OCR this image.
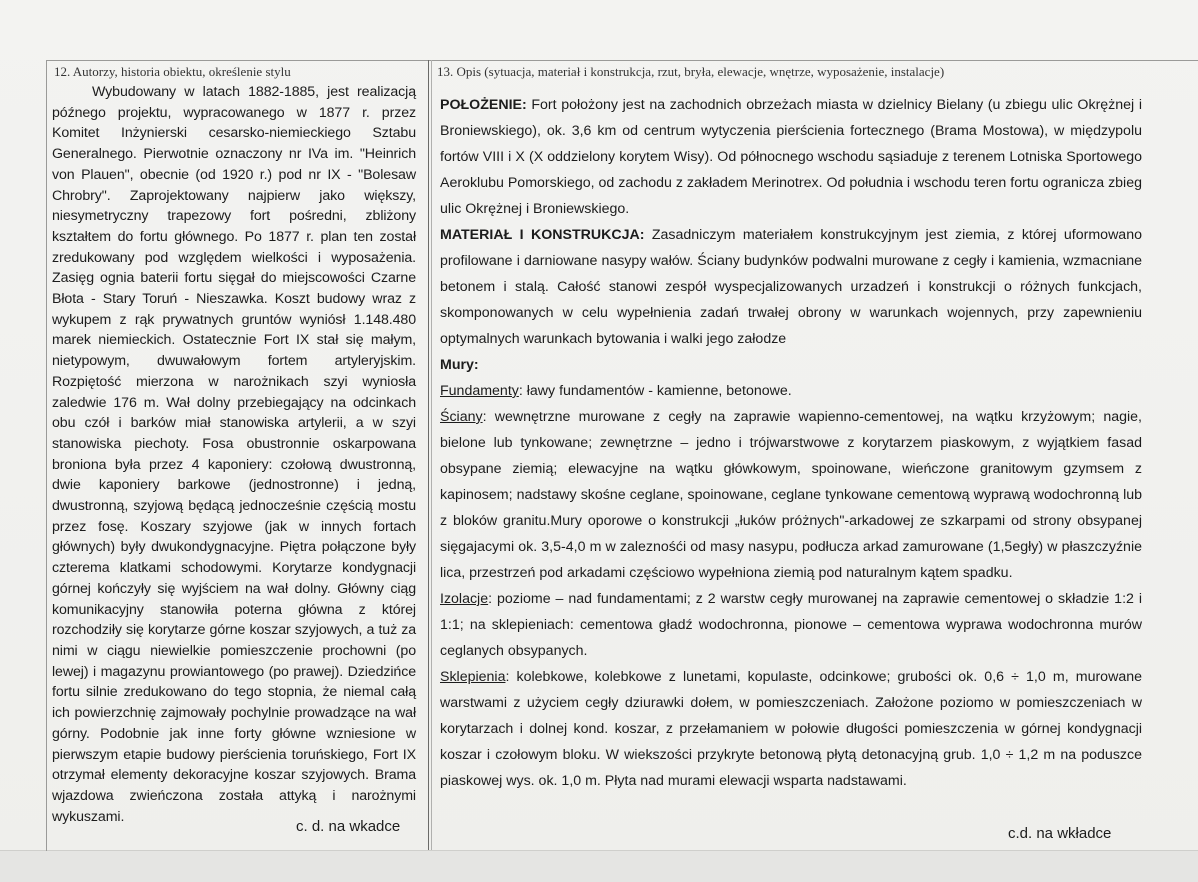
12. Autorzy, historia obiektu, określenie stylu
Wybudowany w latach 1882-1885, jest realizacją późnego projektu, wypracowanego w 1877 r. przez Komitet Inżynierski cesarsko-niemieckiego Sztabu Generalnego. Pierwotnie oznaczony nr IVa im. "Heinrich von Plauen", obecnie (od 1920 r.) pod nr IX - "Bolesaw Chrobry". Zaprojektowany najpierw jako większy, niesymetryczny trapezowy fort pośredni, zbliżony kształtem do fortu głównego. Po 1877 r. plan ten został zredukowany pod względem wielkości i wyposażenia. Zasięg ognia baterii fortu sięgał do miejscowości Czarne Błota - Stary Toruń - Nieszawka. Koszt budowy wraz z wykupem z rąk prywatnych gruntów wyniósł 1.148.480 marek niemieckich. Ostatecznie Fort IX stał się małym, nietypowym, dwuwałowym fortem artyleryjskim. Rozpiętość mierzona w narożnikach szyi wyniosła zaledwie 176 m. Wał dolny przebiegający na odcinkach obu czół i barków miał stanowiska artylerii, a w szyi stanowiska piechoty. Fosa obustronnie oskarpowana broniona była przez 4 kaponiery: czołową dwustronną, dwie kaponiery barkowe (jednostronne) i jedną, dwustronną, szyjową będącą jednocześnie częścią mostu przez fosę. Koszary szyjowe (jak w innych fortach głównych) były dwukondygnacyjne. Piętra połączone były czterema klatkami schodowymi. Korytarze kondygnacji górnej kończyły się wyjściem na wał dolny. Główny ciąg komunikacyjny stanowiła poterna główna z której rozchodziły się korytarze górne koszar szyjowych, a tuż za nimi w ciągu niewielkie pomieszczenie prochowni (po lewej) i magazynu prowiantowego (po prawej). Dziedzińce fortu silnie zredukowano do tego stopnia, że niemal całą ich powierzchnię zajmowały pochylnie prowadzące na wał górny. Podobnie jak inne forty główne wzniesione w pierwszym etapie budowy pierścienia toruńskiego, Fort IX otrzymał elementy dekoracyjne koszar szyjowych. Brama wjazdowa zwieńczona została attyką i narożnymi wykuszami.
c. d. na wkadce
13. Opis (sytuacja, materiał i konstrukcja, rzut, bryła, elewacje, wnętrze, wyposażenie, instalacje)

POŁOŻENIE: Fort położony jest na zachodnich obrzeżach miasta w dzielnicy Bielany (u zbiegu ulic Okrężnej i Broniewskiego), ok. 3,6 km od centrum wytyczenia pierścienia fortecznego (Brama Mostowa), w międzypolu fortów VIII i X (X oddzielony korytem Wisy). Od północnego wschodu sąsiaduje z terenem Lotniska Sportowego Aeroklubu Pomorskiego, od zachodu z zakładem Merinotrex. Od południa i wschodu teren fortu ogranicza zbieg ulic Okrężnej i Broniewskiego.

MATERIAŁ I KONSTRUKCJA: Zasadniczym materiałem konstrukcyjnym jest ziemia, z której uformowano profilowane i darniowane nasypy wałów. Ściany budynków podwalni murowane z cegły i kamienia, wzmacniane betonem i stalą. Całość stanowi zespół wyspecjalizowanych urzadzeń i konstrukcji o różnych funkcjach, skomponowanych w celu wypełnienia zadań trwałej obrony w warunkach wojennych, przy zapewnieniu optymalnych warunkach bytowania i walki jego załodze

Mury:

Fundamenty: ławy fundamentów - kamienne, betonowe.

Ściany: wewnętrzne murowane z cegły na zaprawie wapienno-cementowej, na wątku krzyżowym; nagie, bielone lub tynkowane; zewnętrzne – jedno i trójwarstwowe z korytarzem piaskowym, z wyjątkiem fasad obsypane ziemią; elewacyjne na wątku główkowym, spoinowane, wieńczone granitowym gzymsem z kapinosem; nadstawy skośne ceglane, spoinowane, ceglane tynkowane cementową wyprawą wodochronną lub z bloków granitu.Mury oporowe o konstrukcji „łuków próżnych"-arkadowej ze szkarpami od strony obsypanej sięgajacymi ok. 3,5-4,0 m w zaleznośći od masy nasypu, podłucza arkad zamurowane (1,5egły) w płaszczyźnie lica, przestrzeń pod arkadami częściowo wypełniona ziemią pod naturalnym kątem spadku.

Izolacje: poziome – nad fundamentami; z 2 warstw cegły murowanej na zaprawie cementowej o składzie 1:2 i 1:1; na sklepieniach: cementowa gładź wodochronna, pionowe – cementowa wyprawa wodochronna murów ceglanych obsypanych.

Sklepienia: kolebkowe, kolebkowe z lunetami, kopulaste, odcinkowe; grubości ok. 0,6 ÷ 1,0 m, murowane warstwami z użyciem cegły dziurawki dołem, w pomieszczeniach. Założone poziomo w pomieszczeniach w korytarzach i dolnej kond. koszar, z przełamaniem w połowie długości pomieszczenia w górnej kondygnacji koszar i czołowym bloku. W wiekszości przykryte betonową płytą detonacyjną grub. 1,0 ÷ 1,2 m na poduszce piaskowej wys. ok. 1,0 m. Płyta nad murami elewacji wsparta nadstawami.

c.d. na wkładce
